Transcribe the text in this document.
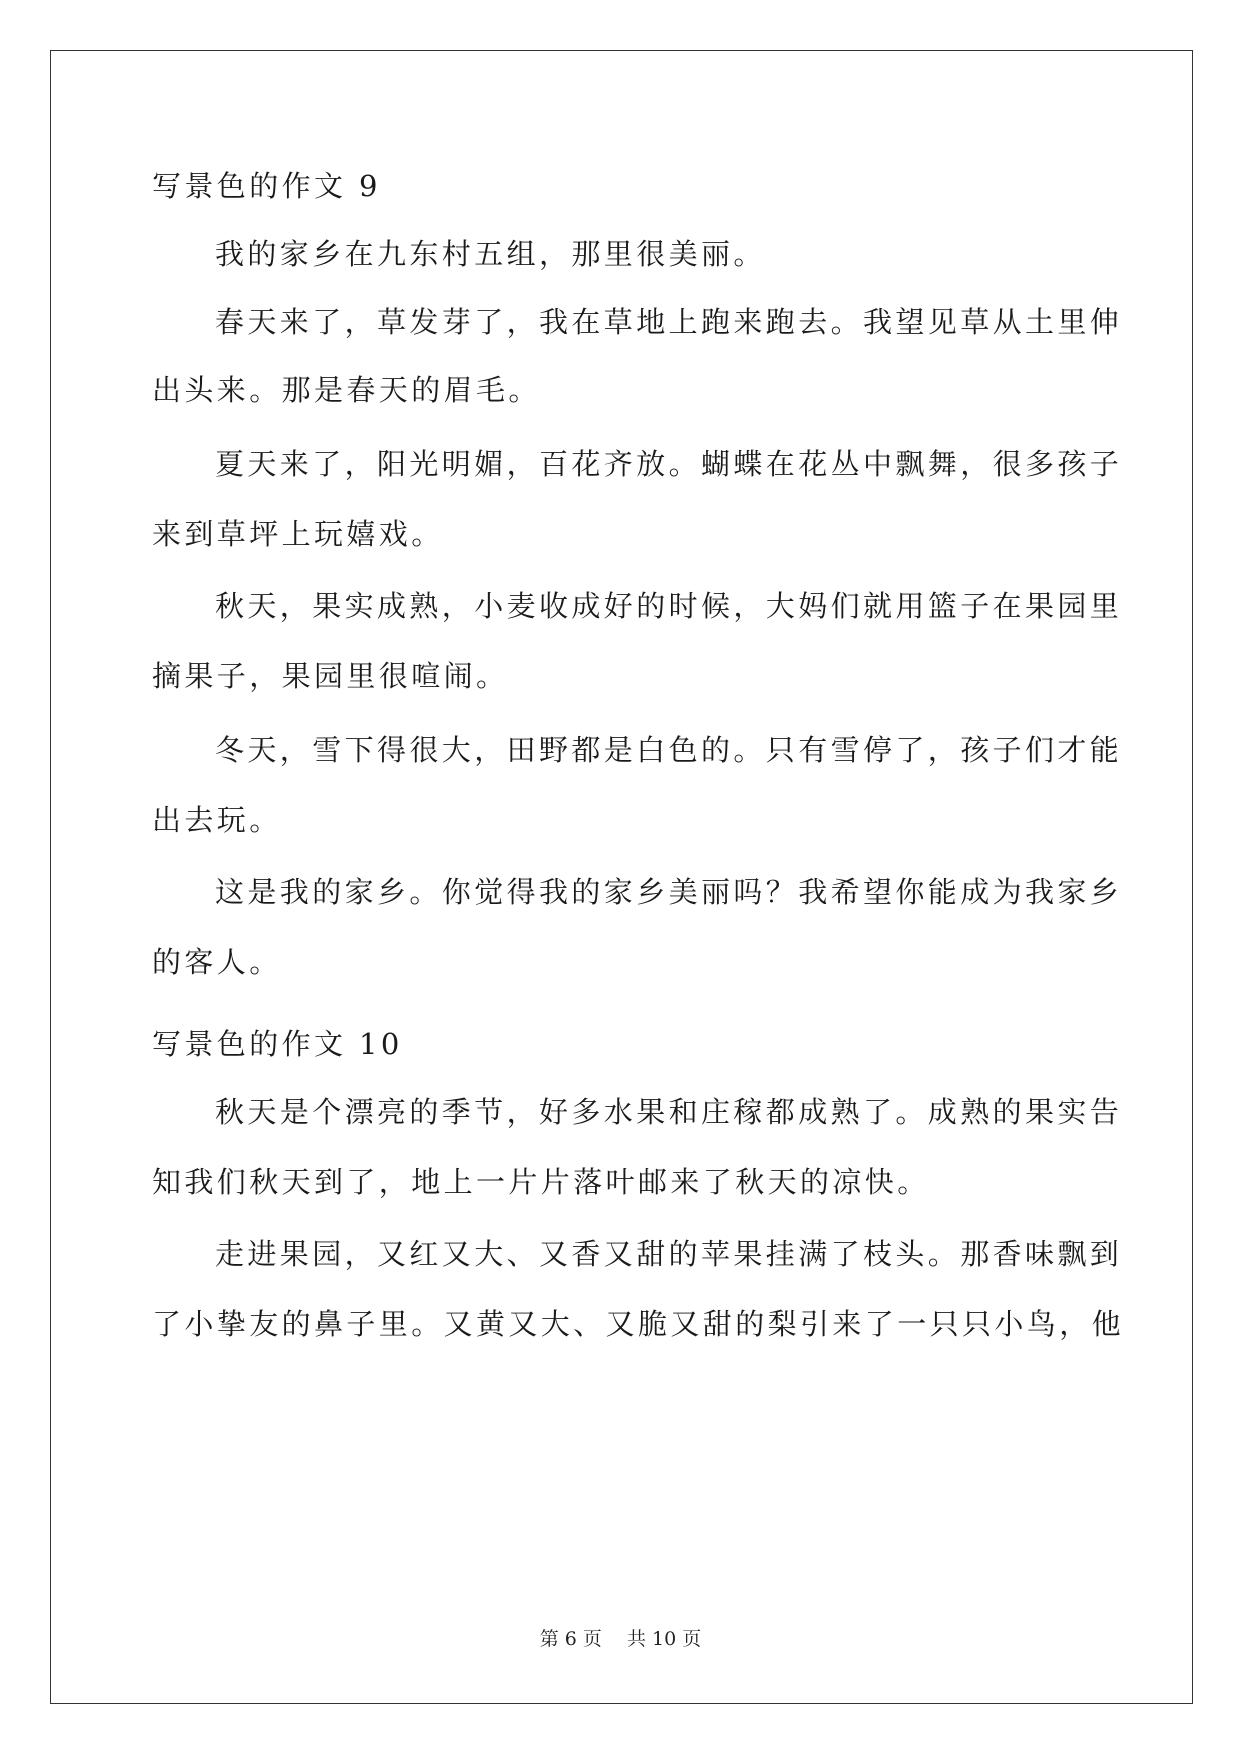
写景色的作文 9
我的家乡在九东村五组，那里很美丽。
春天来了，草发芽了，我在草地上跑来跑去。我望见草从土里伸
出头来。那是春天的眉毛。
夏天来了，阳光明媚，百花齐放。蝴蝶在花丛中飘舞，很多孩子
来到草坪上玩嬉戏。
秋天，果实成熟，小麦收成好的时候，大妈们就用篮子在果园里
摘果子，果园里很喧闹。
冬天，雪下得很大，田野都是白色的。只有雪停了，孩子们才能
出去玩。
这是我的家乡。你觉得我的家乡美丽吗？我希望你能成为我家乡
的客人。
写景色的作文 10
秋天是个漂亮的季节，好多水果和庄稼都成熟了。成熟的果实告
知我们秋天到了，地上一片片落叶邮来了秋天的凉快。
走进果园，又红又大、又香又甜的苹果挂满了枝头。那香味飘到
了小挚友的鼻子里。又黄又大、又脆又甜的梨引来了一只只小鸟，他
第 6 页　 共 10 页
